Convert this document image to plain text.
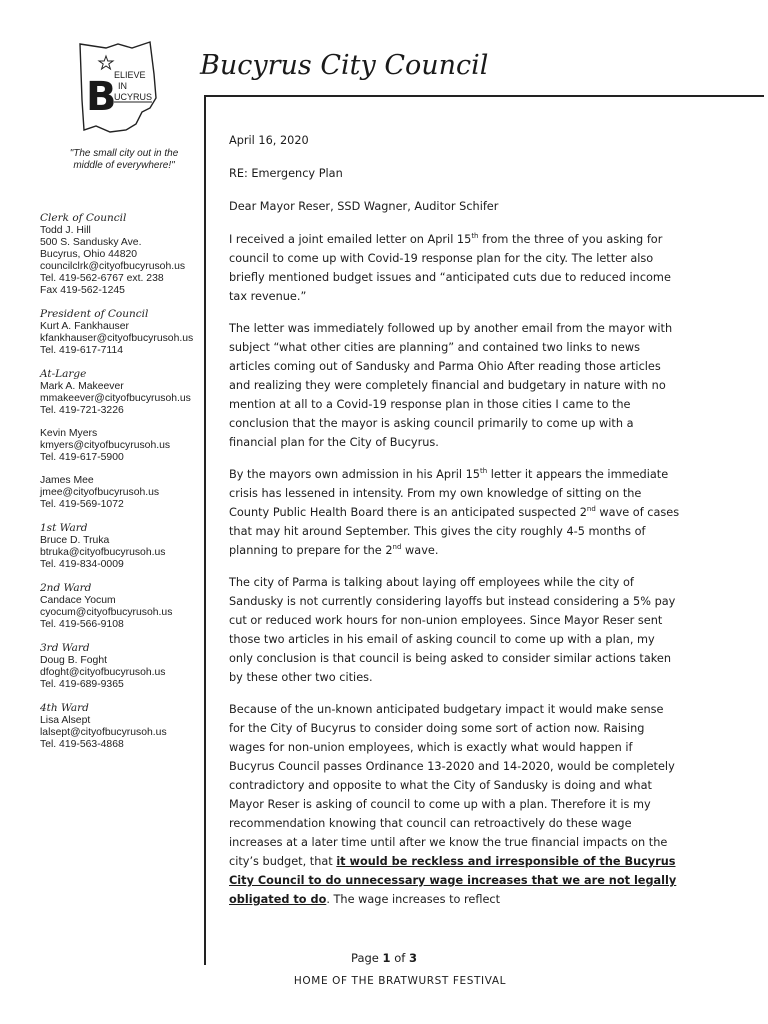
B
ELIEVE
IN
UCYRUS
Bucyrus City Council
"The small city out in the middle of everywhere!"
Clerk of Council
Todd J. Hill
500 S. Sandusky Ave.
Bucyrus, Ohio 44820
councilclrk@cityofbucyrusoh.us
Tel. 419-562-6767 ext. 238
Fax 419-562-1245
President of Council
Kurt A. Fankhauser
kfankhauser@cityofbucyrusoh.us
Tel. 419-617-7114
At-Large
Mark A. Makeever
mmakeever@cityofbucyrusoh.us
Tel. 419-721-3226
Kevin Myers
kmyers@cityofbucyrusoh.us
Tel. 419-617-5900
James Mee
jmee@cityofbucyrusoh.us
Tel. 419-569-1072
1st Ward
Bruce D. Truka
btruka@cityofbucyrusoh.us
Tel. 419-834-0009
2nd Ward
Candace Yocum
cyocum@cityofbucyrusoh.us
Tel. 419-566-9108
3rd Ward
Doug B. Foght
dfoght@cityofbucyrusoh.us
Tel. 419-689-9365
4th Ward
Lisa Alsept
lalsept@cityofbucyrusoh.us
Tel. 419-563-4868

April 16, 2020

RE: Emergency Plan

Dear Mayor Reser, SSD Wagner, Auditor Schifer

I received a joint emailed letter on April 15th from the three of you asking for council to come up with Covid-19 response plan for the city. The letter also briefly mentioned budget issues and “anticipated cuts due to reduced income tax revenue.”

The letter was immediately followed up by another email from the mayor with subject “what other cities are planning” and contained two links to news articles coming out of Sandusky and Parma Ohio After reading those articles and realizing they were completely financial and budgetary in nature with no mention at all to a Covid-19 response plan in those cities I came to the conclusion that the mayor is asking council primarily to come up with a financial plan for the City of Bucyrus.

By the mayors own admission in his April 15th letter it appears the immediate crisis has lessened in intensity. From my own knowledge of sitting on the County Public Health Board there is an anticipated suspected 2nd wave of cases that may hit around September. This gives the city roughly 4-5 months of planning to prepare for the 2nd wave.

The city of Parma is talking about laying off employees while the city of Sandusky is not currently considering layoffs but instead considering a 5% pay cut or reduced work hours for non-union employees. Since Mayor Reser sent those two articles in his email of asking council to come up with a plan, my only conclusion is that council is being asked to consider similar actions taken by these other two cities.

Because of the un-known anticipated budgetary impact it would make sense for the City of Bucyrus to consider doing some sort of action now. Raising wages for non-union employees, which is exactly what would happen if Bucyrus Council passes Ordinance 13-2020 and 14-2020, would be completely contradictory and opposite to what the City of Sandusky is doing and what Mayor Reser is asking of council to come up with a plan. Therefore it is my recommendation knowing that council can retroactively do these wage increases at a later time until after we know the true financial impacts on the city’s budget, that it would be reckless and irresponsible of the Bucyrus City Council to do unnecessary wage increases that we are not legally obligated to do. The wage increases to reflect

Page 1 of 3
HOME OF THE BRATWURST FESTIVAL
